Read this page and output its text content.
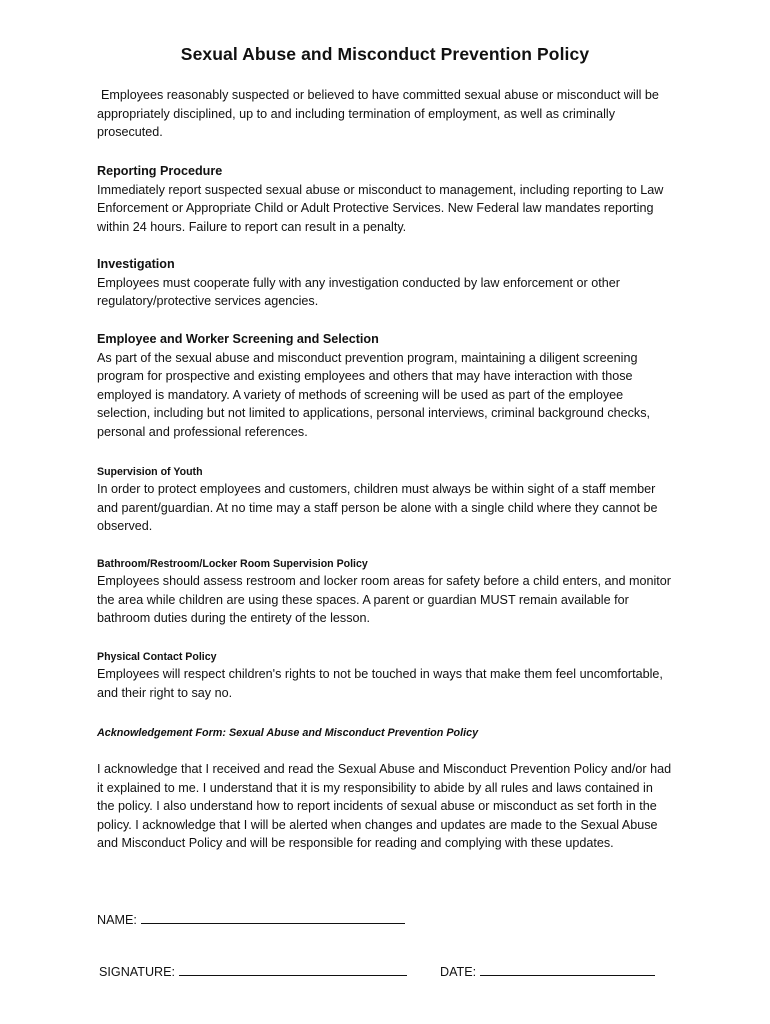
Sexual Abuse and Misconduct Prevention Policy

Employees reasonably suspected or believed to have committed sexual abuse or misconduct will be appropriately disciplined, up to and including termination of employment, as well as criminally prosecuted.

Reporting Procedure

Immediately report suspected sexual abuse or misconduct to management, including reporting to Law Enforcement or Appropriate Child or Adult Protective Services. New Federal law mandates reporting within 24 hours. Failure to report can result in a penalty.

Investigation

Employees must cooperate fully with any investigation conducted by law enforcement or other regulatory/protective services agencies.

Employee and Worker Screening and Selection

As part of the sexual abuse and misconduct prevention program, maintaining a diligent screening program for prospective and existing employees and others that may have interaction with those employed is mandatory. A variety of methods of screening will be used as part of the employee selection, including but not limited to applications, personal interviews, criminal background checks, personal and professional references.

Supervision of Youth

In order to protect employees and customers, children must always be within sight of a staff member and parent/guardian. At no time may a staff person be alone with a single child where they cannot be observed.

Bathroom/Restroom/Locker Room Supervision Policy

Employees should assess restroom and locker room areas for safety before a child enters, and monitor the area while children are using these spaces. A parent or guardian MUST remain available for bathroom duties during the entirety of the lesson.

Physical Contact Policy

Employees will respect children's rights to not be touched in ways that make them feel uncomfortable, and their right to say no.

Acknowledgement Form: Sexual Abuse and Misconduct Prevention Policy

I acknowledge that I received and read the Sexual Abuse and Misconduct Prevention Policy and/or had it explained to me. I understand that it is my responsibility to abide by all rules and laws contained in the policy. I also understand how to report incidents of sexual abuse or misconduct as set forth in the policy. I acknowledge that I will be alerted when changes and updates are made to the Sexual Abuse and Misconduct Policy and will be responsible for reading and complying with these updates.

NAME:
SIGNATURE:	DATE:
